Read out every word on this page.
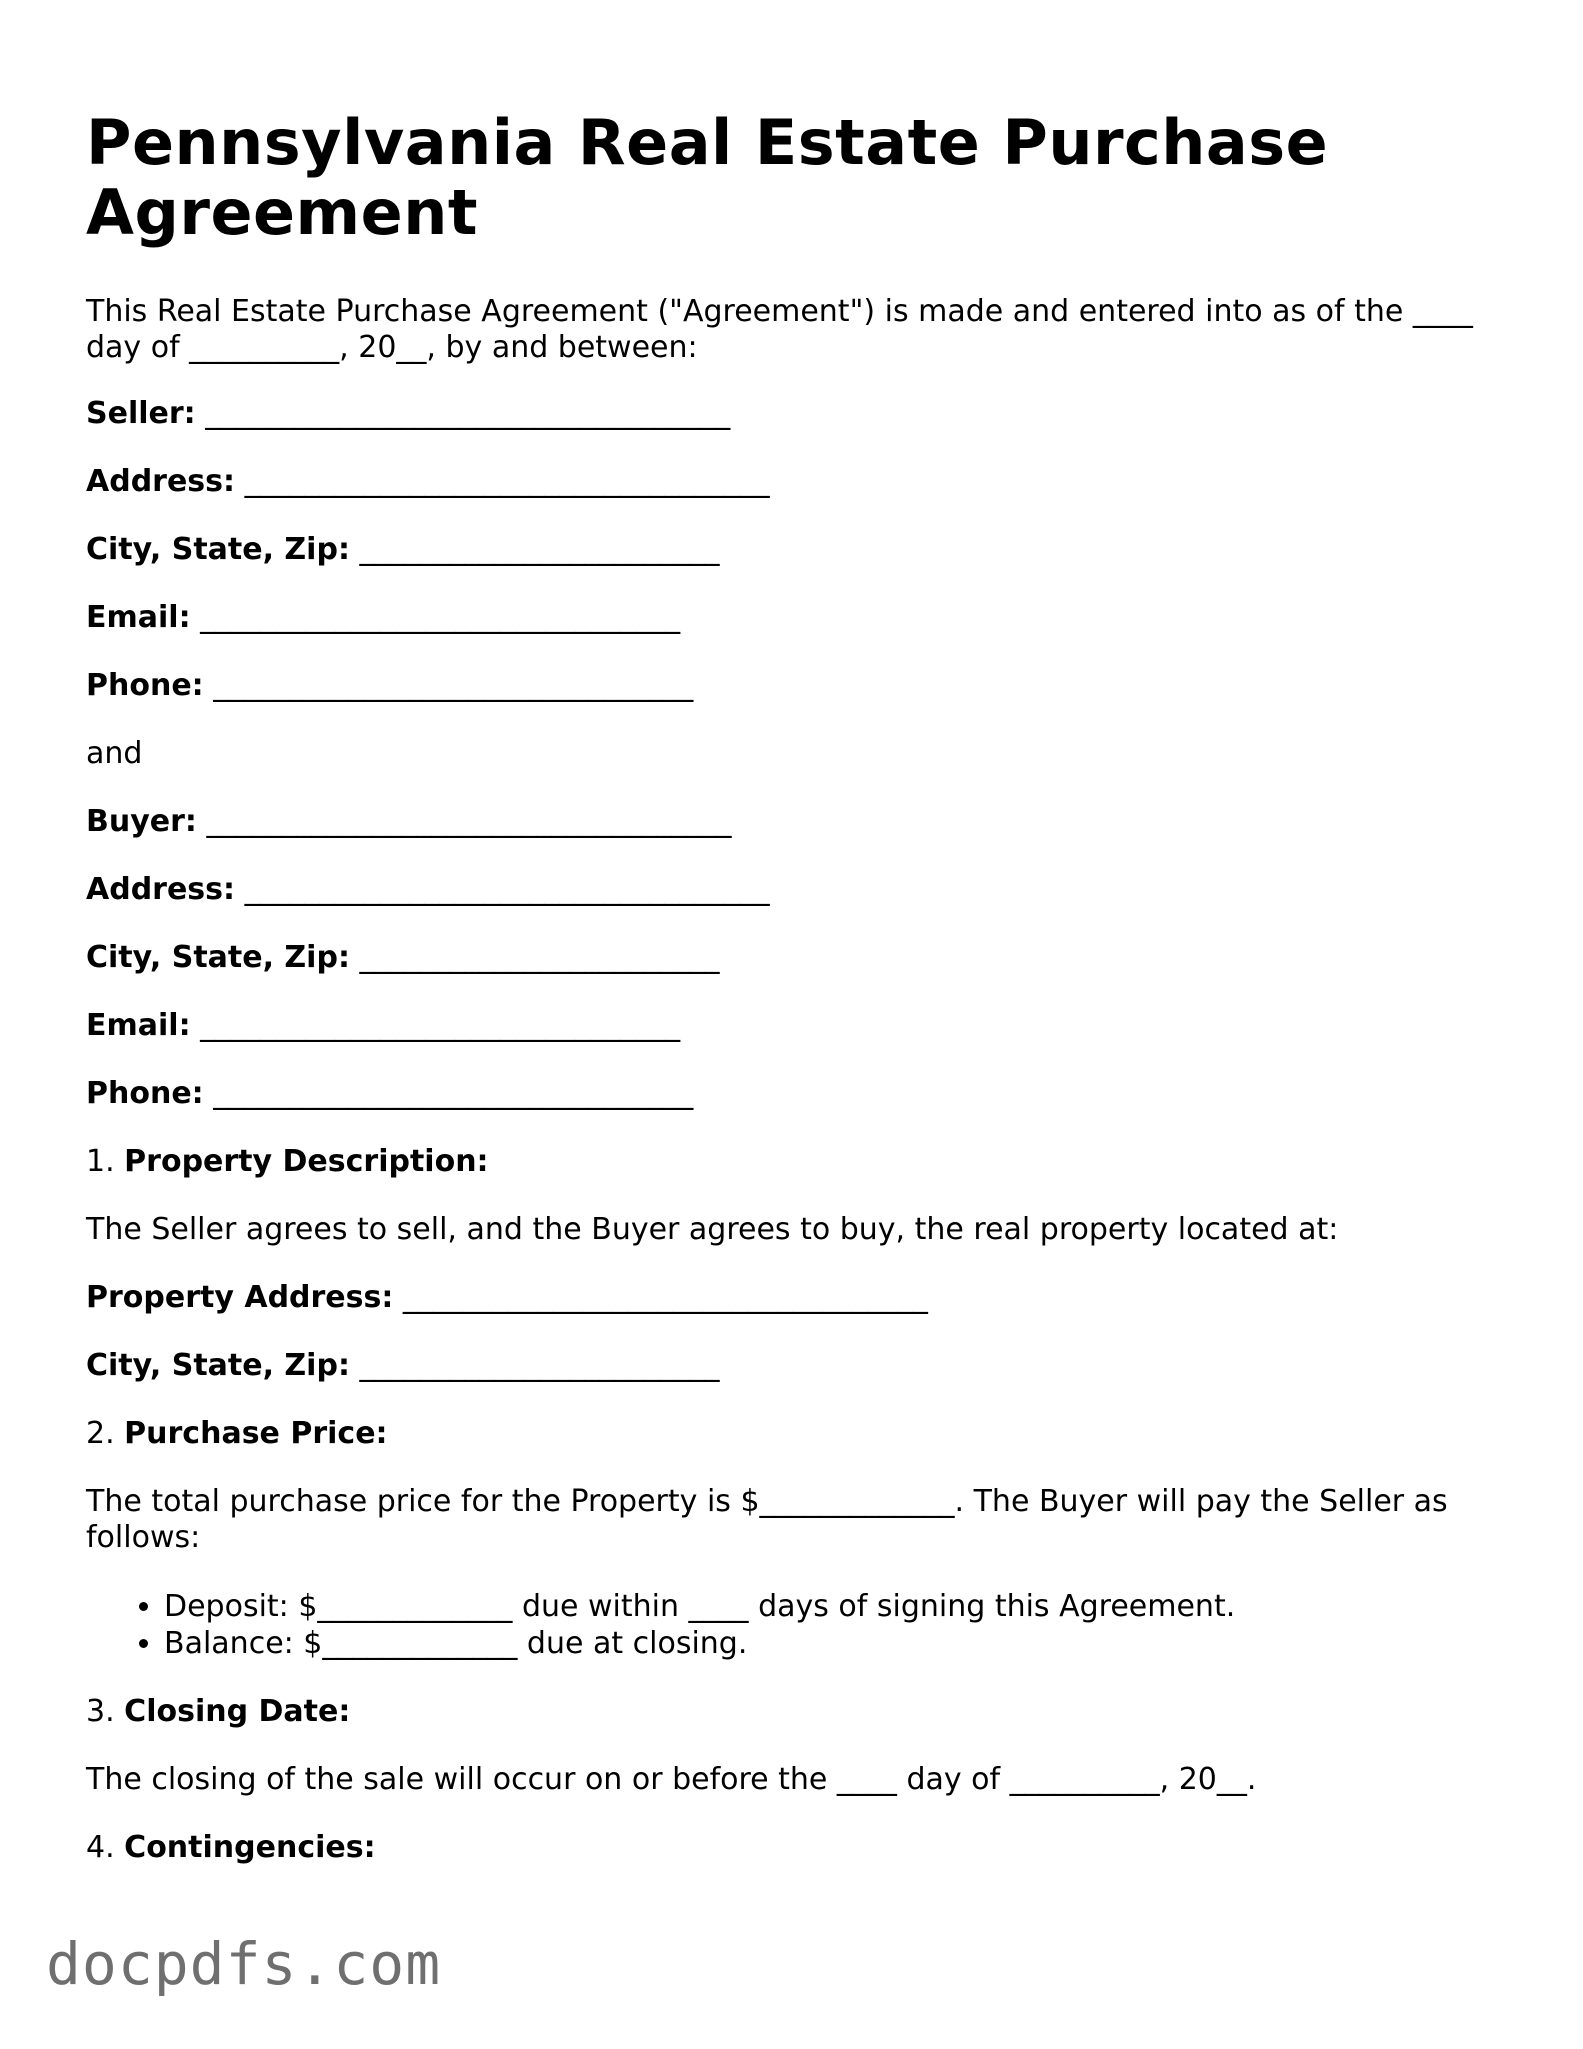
Pennsylvania Real Estate Purchase Agreement

This Real Estate Purchase Agreement ("Agreement") is made and entered into as of the ____ day of __________, 20__, by and between:

Seller: ___________________________________
Address: ___________________________________
City, State, Zip: ________________________
Email: ________________________________
Phone: ________________________________

and

Buyer: ___________________________________
Address: ___________________________________
City, State, Zip: ________________________
Email: ________________________________
Phone: ________________________________
1. Property Description:

The Seller agrees to sell, and the Buyer agrees to buy, the real property located at:

Property Address: ___________________________________
City, State, Zip: ________________________
2. Purchase Price:

The total purchase price for the Property is $_____________. The Buyer will pay the Seller as follows:

• Deposit: $_____________ due within ____ days of signing this Agreement.
• Balance: $_____________ due at closing.
3. Closing Date:

The closing of the sale will occur on or before the ____ day of __________, 20__.

4. Contingencies:
docpdfs.com
